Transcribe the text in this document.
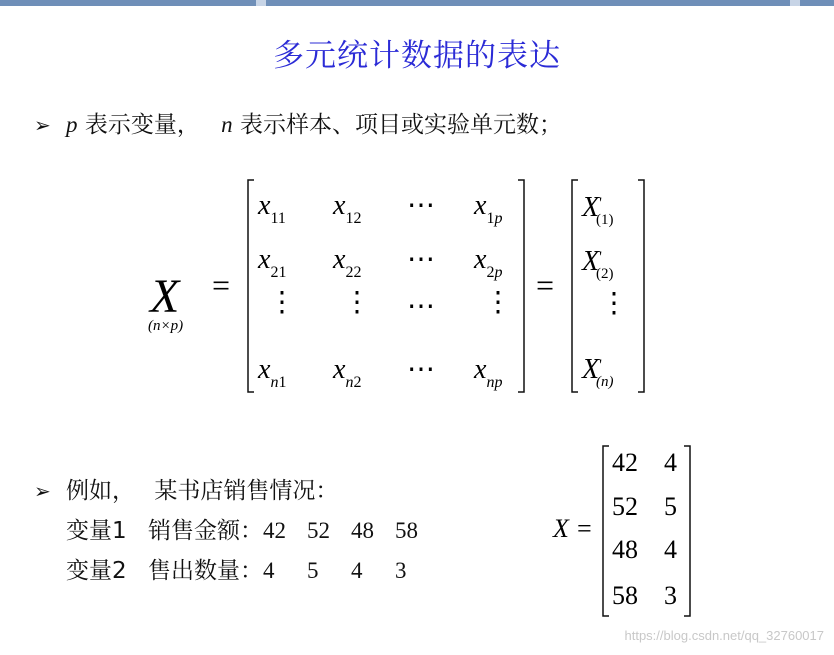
多元统计数据的表达
➢ p 表示变量， n 表示样本、项目或实验单元数；
X
(n×p)
=
$x_{11}$ $x_{12}$ ⋯ $x_{1p}$
$x_{21}$ $x_{22}$ ⋯ $x_{2p}$
⋮ ⋮ ⋯ ⋮
$x_{n1}$ $x_{n2}$ ⋯ $x_{np}$
=
X' $_{(1)}$
X' $_{(2)}$
⋮
X' $_{(n)}$
➢ 例如， 某书店销售情况：
变量1 销售金额：42 52 48 58
变量2 售出数量：4 5 4 3
X =
42 4
52 5
48 4
58 3
https://blog.csdn.net/qq_32760017
